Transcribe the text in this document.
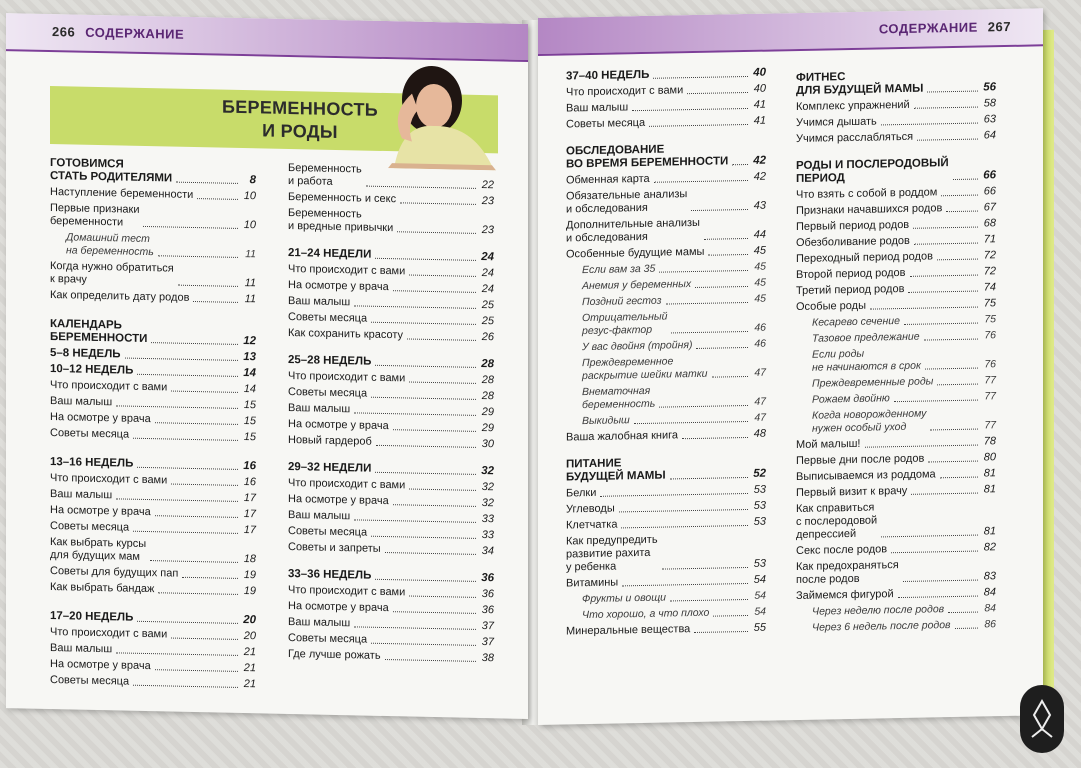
266 СОДЕРЖАНИЕ
БЕРЕМЕННОСТЬ
И РОДЫ
ГОТОВИМСЯ
СТАТЬ РОДИТЕЛЯМИ	8
Наступление беременности	10
Первые признаки
беременности	10
Домашний тест
на беременность	11
Когда нужно обратиться
к врачу	11
Как определить дату родов	11
КАЛЕНДАРЬ
БЕРЕМЕННОСТИ	12
5–8 НЕДЕЛЬ	13
10–12 НЕДЕЛЬ	14
Что происходит с вами	14
Ваш малыш	15
На осмотре у врача	15
Советы месяца	15
13–16 НЕДЕЛЬ	16
Что происходит с вами	16
Ваш малыш	17
На осмотре у врача	17
Советы месяца	17
Как выбрать курсы
для будущих мам	18
Советы для будущих пап	19
Как выбрать бандаж	19
17–20 НЕДЕЛЬ	20
Что происходит с вами	20
Ваш малыш	21
На осмотре у врача	21
Советы месяца	21
Беременность
и работа	22
Беременность и секс	23
Беременность
и вредные привычки	23
21–24 НЕДЕЛИ	24
Что происходит с вами	24
На осмотре у врача	24
Ваш малыш	25
Советы месяца	25
Как сохранить красоту	26
25–28 НЕДЕЛЬ	28
Что происходит с вами	28
Советы месяца	28
Ваш малыш	29
На осмотре у врача	29
Новый гардероб	30
29–32 НЕДЕЛИ	32
Что происходит с вами	32
На осмотре у врача	32
Ваш малыш	33
Советы месяца	33
Советы и запреты	34
33–36 НЕДЕЛЬ	36
Что происходит с вами	36
На осмотре у врача	36
Ваш малыш	37
Советы месяца	37
Где лучше рожать	38
СОДЕРЖАНИЕ 267
37–40 НЕДЕЛЬ	40
Что происходит с вами	40
Ваш малыш	41
Советы месяца	41
ОБСЛЕДОВАНИЕ
ВО ВРЕМЯ БЕРЕМЕННОСТИ 42
Обменная карта	42
Обязательные анализы
и обследования	43
Дополнительные анализы
и обследования	44
Особенные будущие мамы	45
Если вам за 35	45
Анемия у беременных	45
Поздний гестоз	45
Отрицательный
резус-фактор	46
У вас двойня (тройня)	46
Преждевременное
раскрытие шейки матки	47
Внематочная
беременность	47
Выкидыш	47
Ваша жалобная книга	48
ПИТАНИЕ
БУДУЩЕЙ МАМЫ	52
Белки	53
Углеводы	53
Клетчатка	53
Как предупредить
развитие рахита
у ребенка	53
Витамины	54
Фрукты и овощи	54
Что хорошо, а что плохо	54
Минеральные вещества	55
ФИТНЕС
ДЛЯ БУДУЩЕЙ МАМЫ	56
Комплекс упражнений	58
Учимся дышать	63
Учимся расслабляться	64
РОДЫ И ПОСЛЕРОДОВЫЙ
ПЕРИОД	66
Что взять с собой в роддом	66
Признаки начавшихся родов	67
Первый период родов	68
Обезболивание родов	71
Переходный период родов	72
Второй период родов	72
Третий период родов	74
Особые роды	75
Кесарево сечение	75
Тазовое предлежание	76
Если роды
не начинаются в срок	76
Преждевременные роды	77
Рожаем двойню	77
Когда новорожденному
нужен особый уход	77
Мой малыш!	78
Первые дни после родов	80
Выписываемся из роддома	81
Первый визит к врачу	81
Как справиться
с послеродовой
депрессией	81
Секс после родов	82
Как предохраняться
после родов	83
Займемся фигурой	84
Через неделю после родов	84
Через 6 недель после родов	86
